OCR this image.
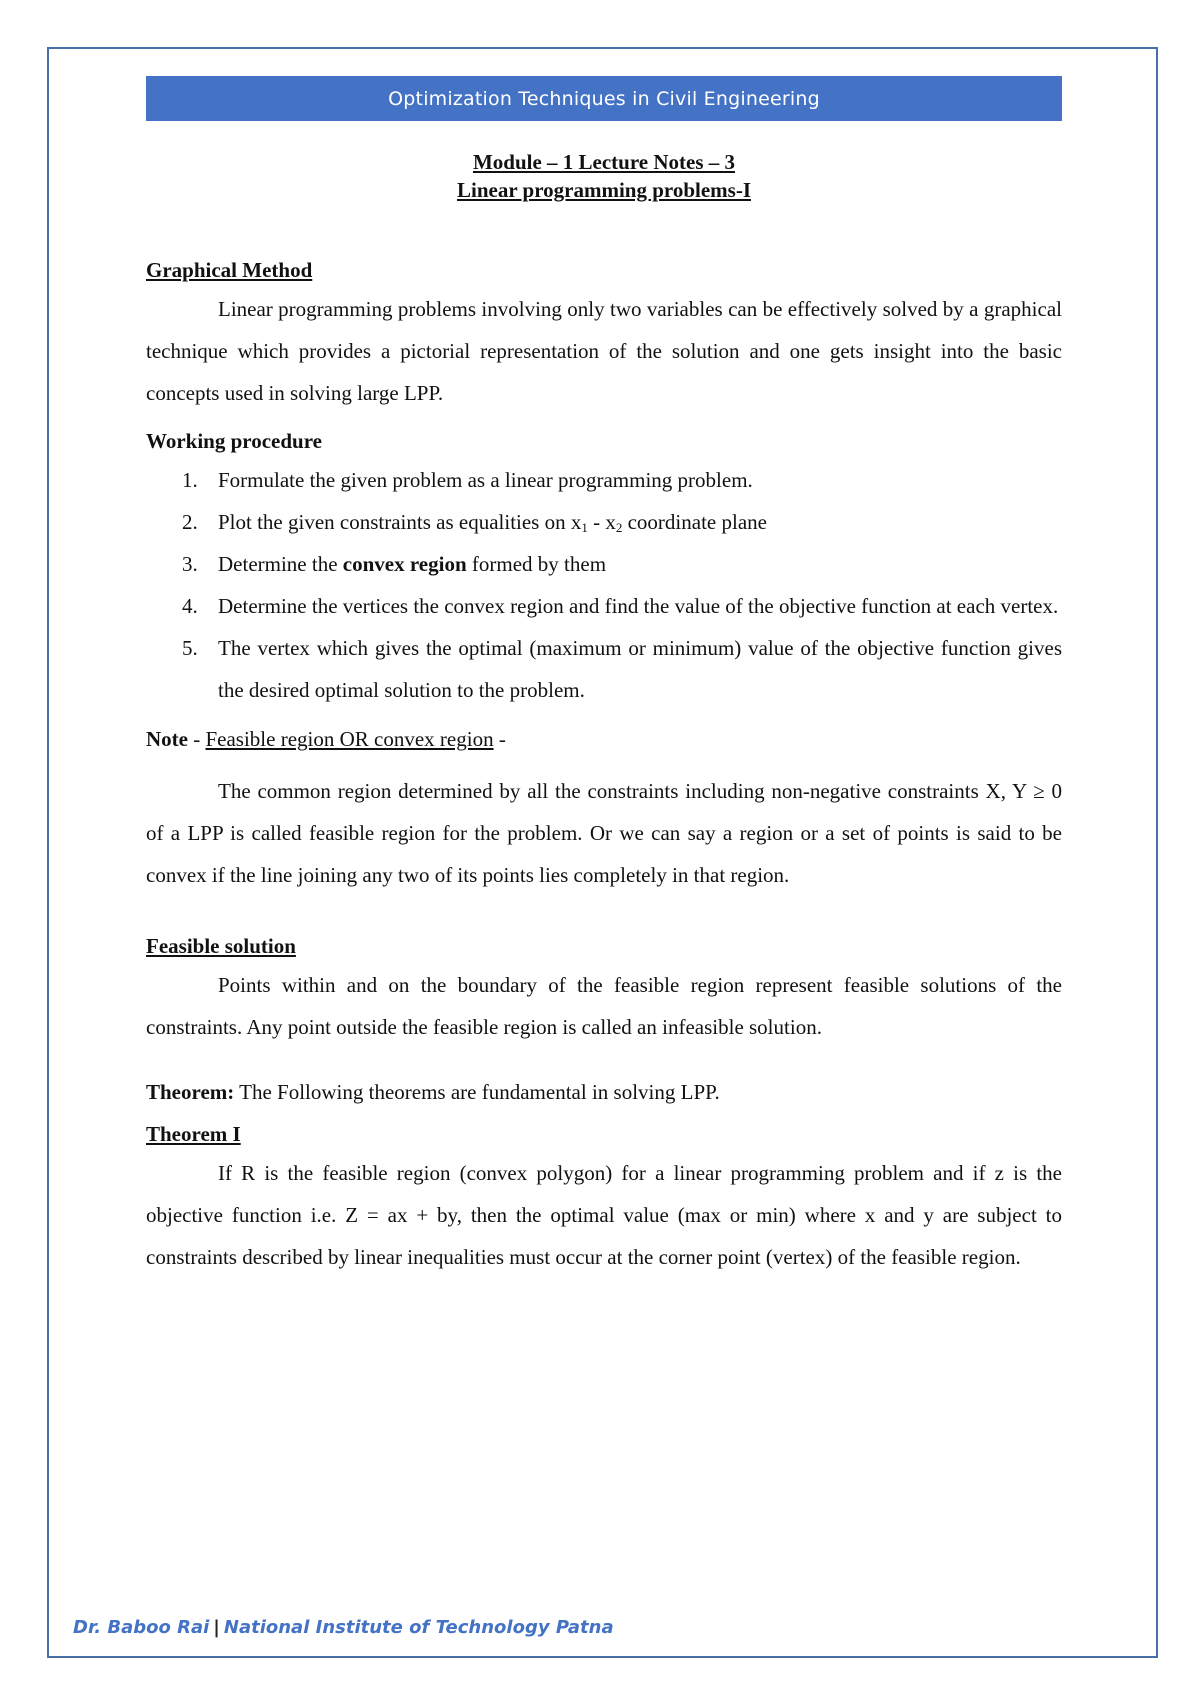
Optimization Techniques in Civil Engineering
Module – 1 Lecture Notes – 3
Linear programming problems-I
Graphical Method

Linear programming problems involving only two variables can be effectively solved by a graphical technique which provides a pictorial representation of the solution and one gets insight into the basic concepts used in solving large LPP.

Working procedure
1. Formulate the given problem as a linear programming problem.
2. Plot the given constraints as equalities on $x_1 - x_2$ coordinate plane
3. Determine the convex region formed by them
4. Determine the vertices the convex region and find the value of the objective function at each vertex.
5. The vertex which gives the optimal (maximum or minimum) value of the objective function gives the desired optimal solution to the problem.
Note - Feasible region OR convex region -

The common region determined by all the constraints including non-negative constraints X, Y ≥ 0 of a LPP is called feasible region for the problem. Or we can say a region or a set of points is said to be convex if the line joining any two of its points lies completely in that region.

Feasible solution

Points within and on the boundary of the feasible region represent feasible solutions of the constraints. Any point outside the feasible region is called an infeasible solution.

Theorem: The Following theorems are fundamental in solving LPP.
Theorem I

If R is the feasible region (convex polygon) for a linear programming problem and if z is the objective function i.e. Z = ax + by, then the optimal value (max or min) where x and y are subject to constraints described by linear inequalities must occur at the corner point (vertex) of the feasible region.

Dr. Baboo Rai | National Institute of Technology Patna
